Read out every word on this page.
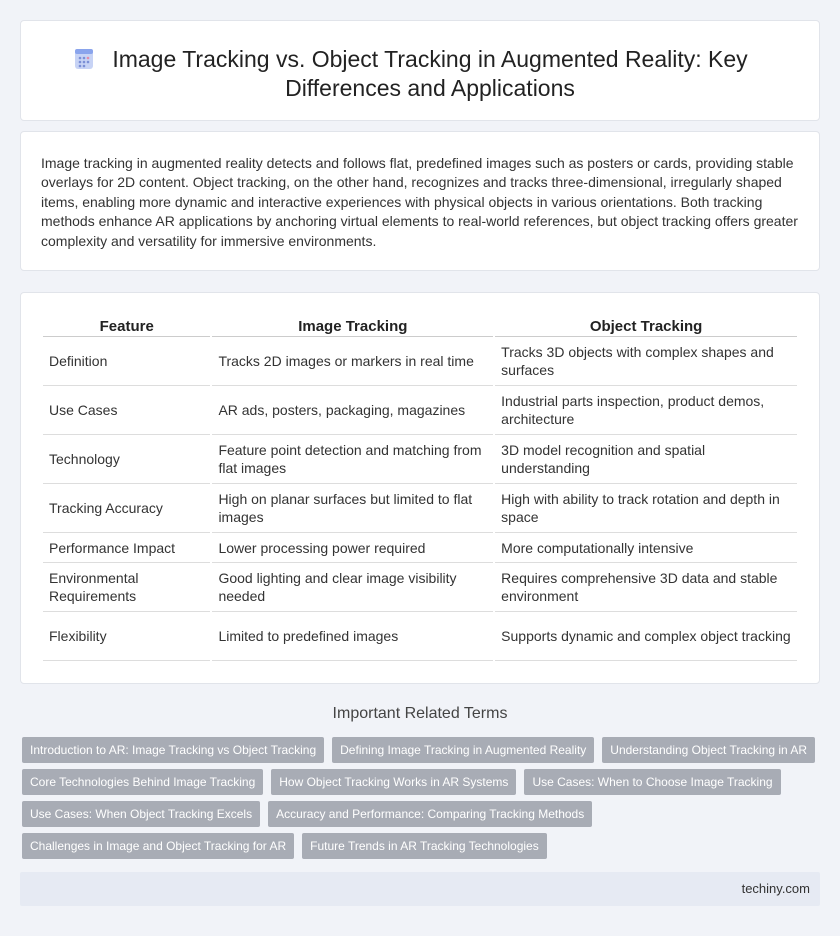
Image Tracking vs. Object Tracking in Augmented Reality: Key Differences and Applications

Image tracking in augmented reality detects and follows flat, predefined images such as posters or cards, providing stable overlays for 2D content. Object tracking, on the other hand, recognizes and tracks three-dimensional, irregularly shaped items, enabling more dynamic and interactive experiences with physical objects in various orientations. Both tracking methods enhance AR applications by anchoring virtual elements to real-world references, but object tracking offers greater complexity and versatility for immersive environments.

Feature	Image Tracking	Object Tracking
Definition	Tracks 2D images or markers in real time	Tracks 3D objects with complex shapes and surfaces
Use Cases	AR ads, posters, packaging, magazines	Industrial parts inspection, product demos, architecture
Technology	Feature point detection and matching from flat images	3D model recognition and spatial understanding
Tracking Accuracy	High on planar surfaces but limited to flat images	High with ability to track rotation and depth in space
Performance Impact	Lower processing power required	More computationally intensive
Environmental Requirements	Good lighting and clear image visibility needed	Requires comprehensive 3D data and stable environment
Flexibility	Limited to predefined images	Supports dynamic and complex object tracking
Important Related Terms
Introduction to AR: Image Tracking vs Object Tracking	Defining Image Tracking in Augmented Reality	Understanding Object Tracking in AR
Core Technologies Behind Image Tracking	How Object Tracking Works in AR Systems	Use Cases: When to Choose Image Tracking
Use Cases: When Object Tracking Excels	Accuracy and Performance: Comparing Tracking Methods
Challenges in Image and Object Tracking for AR	Future Trends in AR Tracking Technologies
techiny.com
